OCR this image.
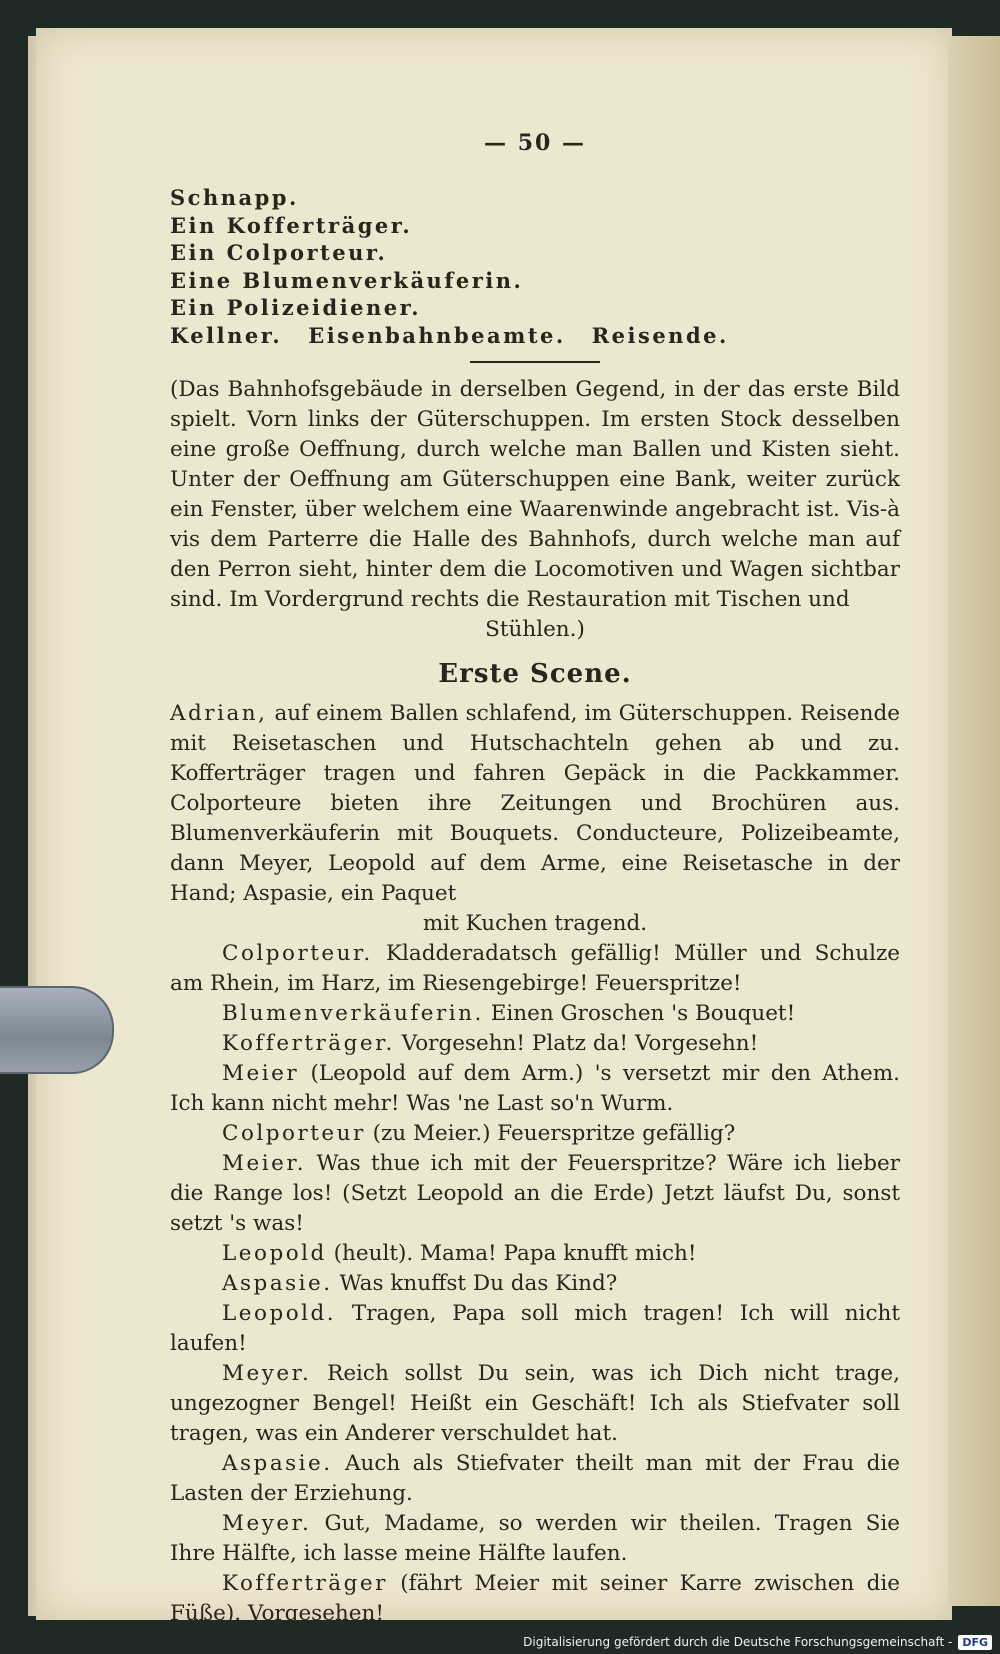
— 50 —
Schnapp.
Ein Kofferträger.
Ein Colporteur.
Eine Blumenverkäuferin.
Ein Polizeidiener.
Kellner. Eisenbahnbeamte. Reisende.

(Das Bahnhofsgebäude in derselben Gegend, in der das erste Bild spielt. Vorn links der Güterschuppen. Im ersten Stock desselben eine große Oeffnung, durch welche man Ballen und Kisten sieht. Unter der Oeffnung am Güterschuppen eine Bank, weiter zurück ein Fenster, über welchem eine Waarenwinde angebracht ist. Vis-à vis dem Parterre die Halle des Bahnhofs, durch welche man auf den Perron sieht, hinter dem die Locomotiven und Wagen sichtbar sind. Im Vordergrund rechts die Restauration mit Tischen und

Stühlen.)

Erste Scene.

Adrian, auf einem Ballen schlafend, im Güterschuppen. Reisende mit Reisetaschen und Hutschachteln gehen ab und zu. Kofferträger tragen und fahren Gepäck in die Packkammer. Colporteure bieten ihre Zeitungen und Brochüren aus. Blumenverkäuferin mit Bouquets. Conducteure, Polizeibeamte, dann Meyer, Leopold auf dem Arme, eine Reisetasche in der Hand; Aspasie, ein Paquet

mit Kuchen tragend.

Colporteur. Kladderadatsch gefällig! Müller und Schulze am Rhein, im Harz, im Riesengebirge! Feuerspritze!

Blumenverkäuferin. Einen Groschen 's Bouquet!

Kofferträger. Vorgesehn! Platz da! Vorgesehn!

Meier (Leopold auf dem Arm.) 's versetzt mir den Athem. Ich kann nicht mehr! Was 'ne Last so'n Wurm.

Colporteur (zu Meier.) Feuerspritze gefällig?

Meier. Was thue ich mit der Feuerspritze? Wäre ich lieber die Range los! (Setzt Leopold an die Erde) Jetzt läufst Du, sonst setzt 's was!

Leopold (heult). Mama! Papa knufft mich!

Aspasie. Was knuffst Du das Kind?

Leopold. Tragen, Papa soll mich tragen! Ich will nicht laufen!

Meyer. Reich sollst Du sein, was ich Dich nicht trage, ungezogner Bengel! Heißt ein Geschäft! Ich als Stiefvater soll tragen, was ein Anderer verschuldet hat.

Aspasie. Auch als Stiefvater theilt man mit der Frau die Lasten der Erziehung.

Meyer. Gut, Madame, so werden wir theilen. Tragen Sie Ihre Hälfte, ich lasse meine Hälfte laufen.

Kofferträger (fährt Meier mit seiner Karre zwischen die Füße). Vorgesehen!

Digitalisierung gefördert durch die Deutsche Forschungsgemeinschaft - DFG
